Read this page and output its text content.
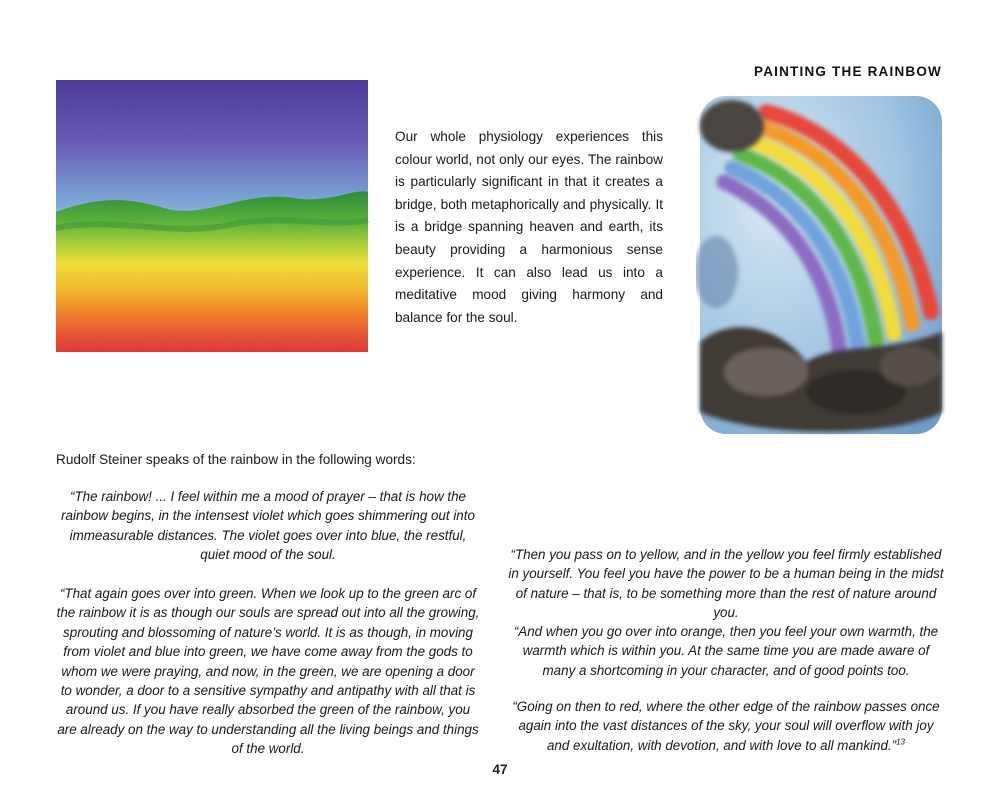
PAINTING THE RAINBOW

Our whole physiology experiences this colour world, not only our eyes. The rainbow is particularly significant in that it creates a bridge, both metaphorically and physically. It is a bridge spanning heaven and earth, its beauty providing a harmonious sense experience. It can also lead us into a meditative mood giving harmony and balance for the soul.

Rudolf Steiner speaks of the rainbow in the following words:

“The rainbow! ... I feel within me a mood of prayer – that is how the rainbow begins, in the intensest violet which goes shimmering out into immeasurable distances. The violet goes over into blue, the restful, quiet mood of the soul.

“That again goes over into green. When we look up to the green arc of the rainbow it is as though our souls are spread out into all the growing, sprouting and blossoming of nature’s world. It is as though, in moving from violet and blue into green, we have come away from the gods to whom we were praying, and now, in the green, we are opening a door to wonder, a door to a sensitive sympathy and antipathy with all that is around us. If you have really absorbed the green of the rainbow, you are already on the way to understanding all the living beings and things of the world.

“Then you pass on to yellow, and in the yellow you feel firmly established in yourself. You feel you have the power to be a human being in the midst of nature – that is, to be something more than the rest of nature around you.

“And when you go over into orange, then you feel your own warmth, the warmth which is within you. At the same time you are made aware of many a shortcoming in your character, and of good points too.

“Going on then to red, where the other edge of the rainbow passes once again into the vast distances of the sky, your soul will overflow with joy and exultation, with devotion, and with love to all mankind.”$^{13}$

47
